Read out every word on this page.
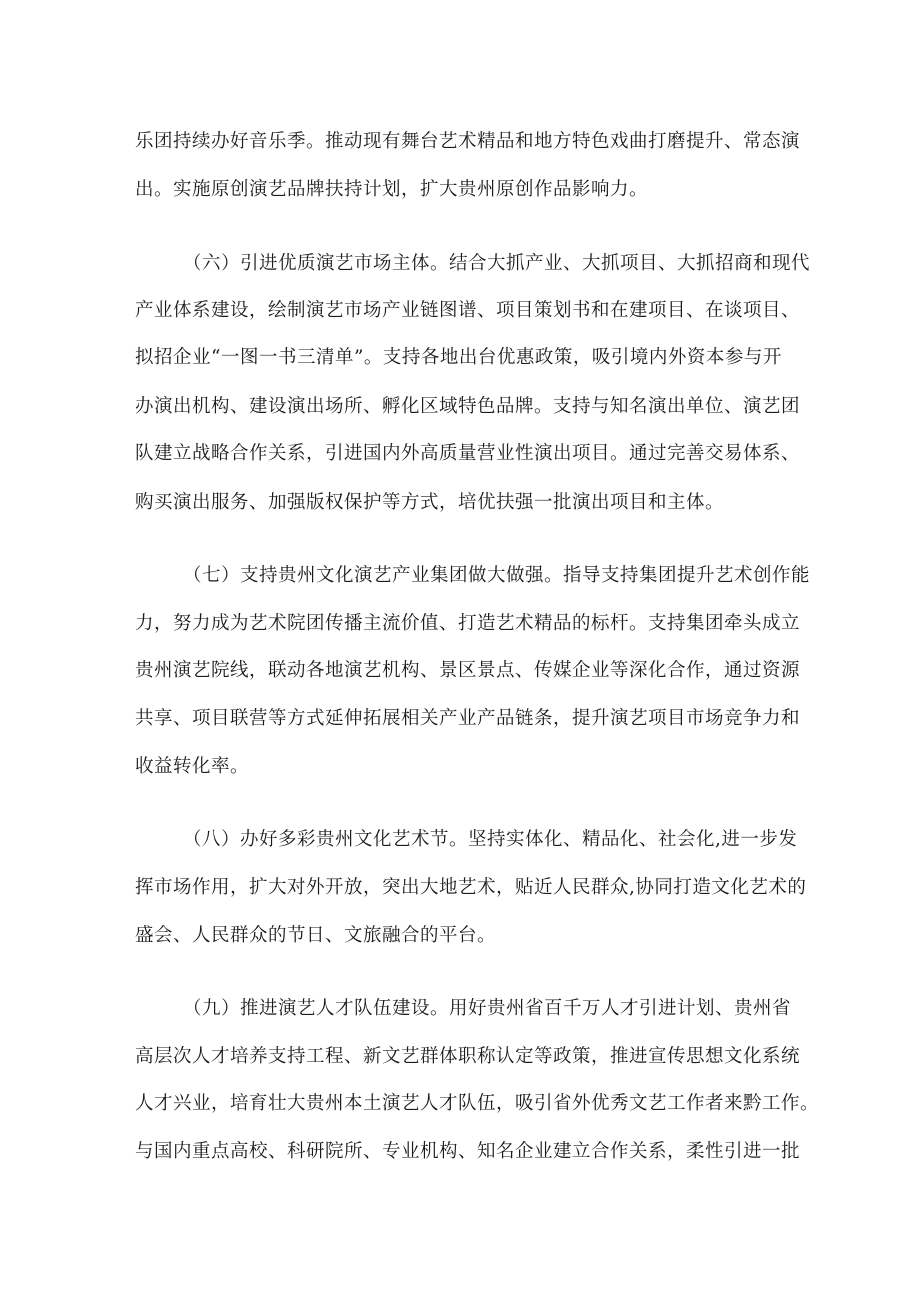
乐团持续办好音乐季。推动现有舞台艺术精品和地方特色戏曲打磨提升、常态演
出。实施原创演艺品牌扶持计划，扩大贵州原创作品影响力。
（六）引进优质演艺市场主体。结合大抓产业、大抓项目、大抓招商和现代
产业体系建设，绘制演艺市场产业链图谱、项目策划书和在建项目、在谈项目、
拟招企业“一图一书三清单”。支持各地出台优惠政策，吸引境内外资本参与开
办演出机构、建设演出场所、孵化区域特色品牌。支持与知名演出单位、演艺团
队建立战略合作关系，引进国内外高质量营业性演出项目。通过完善交易体系、
购买演出服务、加强版权保护等方式，培优扶强一批演出项目和主体。
（七）支持贵州文化演艺产业集团做大做强。指导支持集团提升艺术创作能
力，努力成为艺术院团传播主流价值、打造艺术精品的标杆。支持集团牵头成立
贵州演艺院线，联动各地演艺机构、景区景点、传媒企业等深化合作，通过资源
共享、项目联营等方式延伸拓展相关产业产品链条，提升演艺项目市场竞争力和
收益转化率。
（八）办好多彩贵州文化艺术节。坚持实体化、精品化、社会化,进一步发
挥市场作用，扩大对外开放，突出大地艺术，贴近人民群众,协同打造文化艺术的
盛会、人民群众的节日、文旅融合的平台。
（九）推进演艺人才队伍建设。用好贵州省百千万人才引进计划、贵州省
高层次人才培养支持工程、新文艺群体职称认定等政策，推进宣传思想文化系统
人才兴业，培育壮大贵州本土演艺人才队伍，吸引省外优秀文艺工作者来黔工作。
与国内重点高校、科研院所、专业机构、知名企业建立合作关系，柔性引进一批
